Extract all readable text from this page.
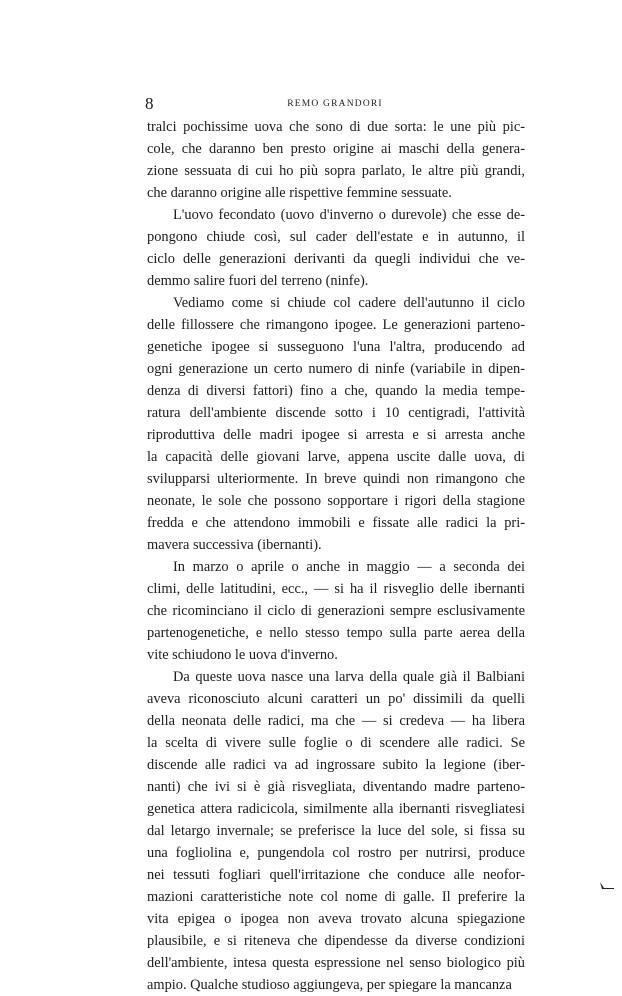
8	REMO GRANDORI
tralci pochissime uova che sono di due sorta: le une più pic-
cole, che daranno ben presto origine ai maschi della genera-
zione sessuata di cui ho più sopra parlato, le altre più grandi,
che daranno origine alle rispettive femmine sessuate.
L'uovo fecondato (uovo d'inverno o durevole) che esse de-
pongono chiude così, sul cader dell'estate e in autunno, il
ciclo delle generazioni derivanti da quegli individui che ve-
demmo salire fuori del terreno (ninfe).
Vediamo come si chiude col cadere dell'autunno il ciclo
delle fillossere che rimangono ipogee. Le generazioni parteno-
genetiche ipogee si susseguono l'una l'altra, producendo ad
ogni generazione un certo numero di ninfe (variabile in dipen-
denza di diversi fattori) fino a che, quando la media tempe-
ratura dell'ambiente discende sotto i 10 centigradi, l'attività
riproduttiva delle madri ipogee si arresta e si arresta anche
la capacità delle giovani larve, appena uscite dalle uova, di
svilupparsi ulteriormente. In breve quindi non rimangono che
neonate, le sole che possono sopportare i rigori della stagione
fredda e che attendono immobili e fissate alle radici la pri-
mavera successiva (ibernanti).
In marzo o aprile o anche in maggio — a seconda dei
climi, delle latitudini, ecc., — si ha il risveglio delle ibernanti
che ricominciano il ciclo di generazioni sempre esclusivamente
partenogenetiche, e nello stesso tempo sulla parte aerea della
vite schiudono le uova d'inverno.
Da queste uova nasce una larva della quale già il Balbiani
aveva riconosciuto alcuni caratteri un po' dissimili da quelli
della neonata delle radici, ma che — si credeva — ha libera
la scelta di vivere sulle foglie o di scendere alle radici. Se
discende alle radici va ad ingrossare subito la legione (iber-
nanti) che ivi si è già risvegliata, diventando madre parteno-
genetica attera radicicola, similmente alla ibernanti risvegliatesi
dal letargo invernale; se preferisce la luce del sole, si fissa su
una fogliolina e, pungendola col rostro per nutrirsi, produce
nei tessuti fogliari quell'irritazione che conduce alle neofor-
mazioni caratteristiche note col nome di galle. Il preferire la
vita epigea o ipogea non aveva trovato alcuna spiegazione
plausibile, e si riteneva che dipendesse da diverse condizioni
dell'ambiente, intesa questa espressione nel senso biologico più
ampio. Qualche studioso aggiungeva, per spiegare la mancanza
